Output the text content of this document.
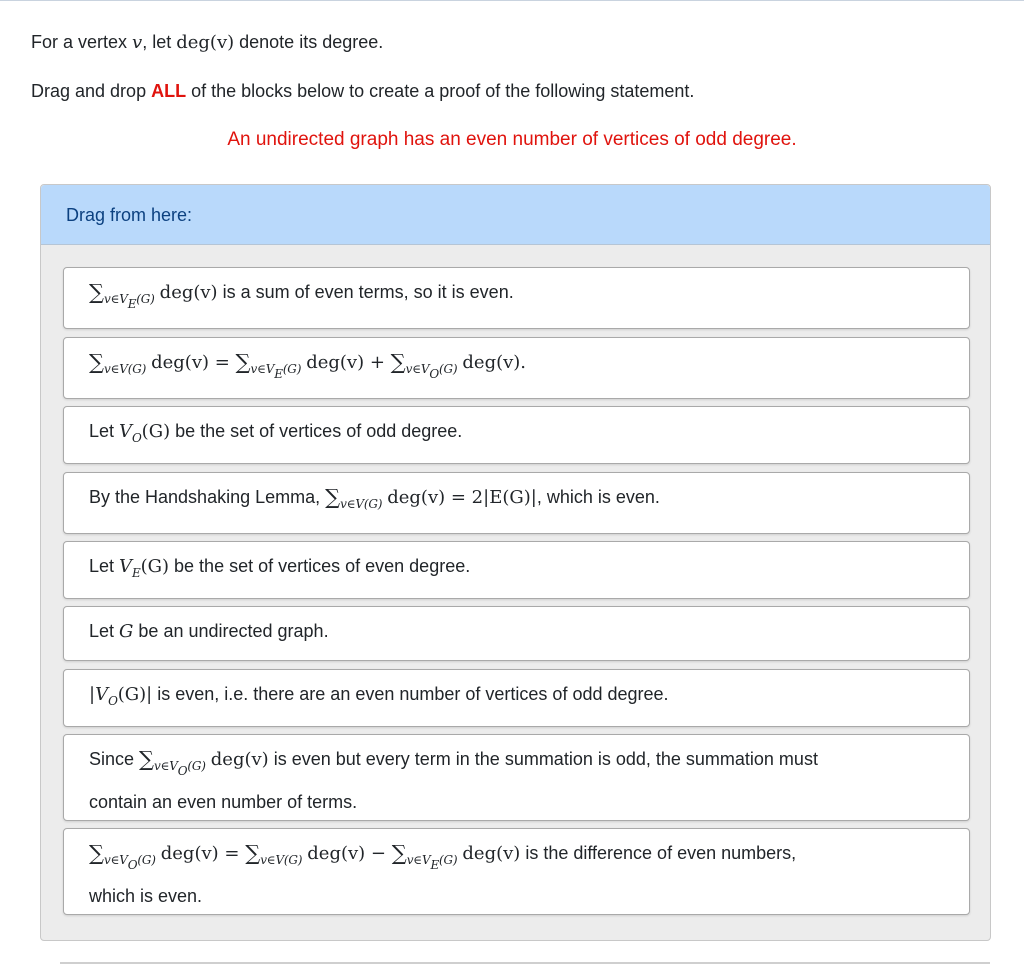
For a vertex v, let deg(v) denote its degree.
Drag and drop ALL of the blocks below to create a proof of the following statement.
An undirected graph has an even number of vertices of odd degree.
Drag from here:
$\sum_{v\in V_E(G)}$ deg(v) is a sum of even terms, so it is even.
$\sum_{v\in V(G)}$ $deg(v) = \sum_{v\in V_E(G)}$ $deg(v) + \sum_{v\in V_O(G)}$ deg(v).
Let $V_O(G)$ be the set of vertices of odd degree.
By the Handshaking Lemma, $\sum_{v\in V(G)}$ deg(v) = 2|E(G)|, which is even.
Let $V_E(G)$ be the set of vertices of even degree.
Let G be an undirected graph.
$|V_O(G)|$ is even, i.e. there are an even number of vertices of odd degree.
Since $\sum_{v\in V_O(G)}$ deg(v) is even but every term in the summation is odd, the summation must
contain an even number of terms.
$\sum_{v\in V_O(G)}$ $deg(v) = \sum_{v\in V(G)}$ $deg(v) - \sum_{v\in V_E(G)}$ deg(v) is the difference of even numbers,
which is even.
